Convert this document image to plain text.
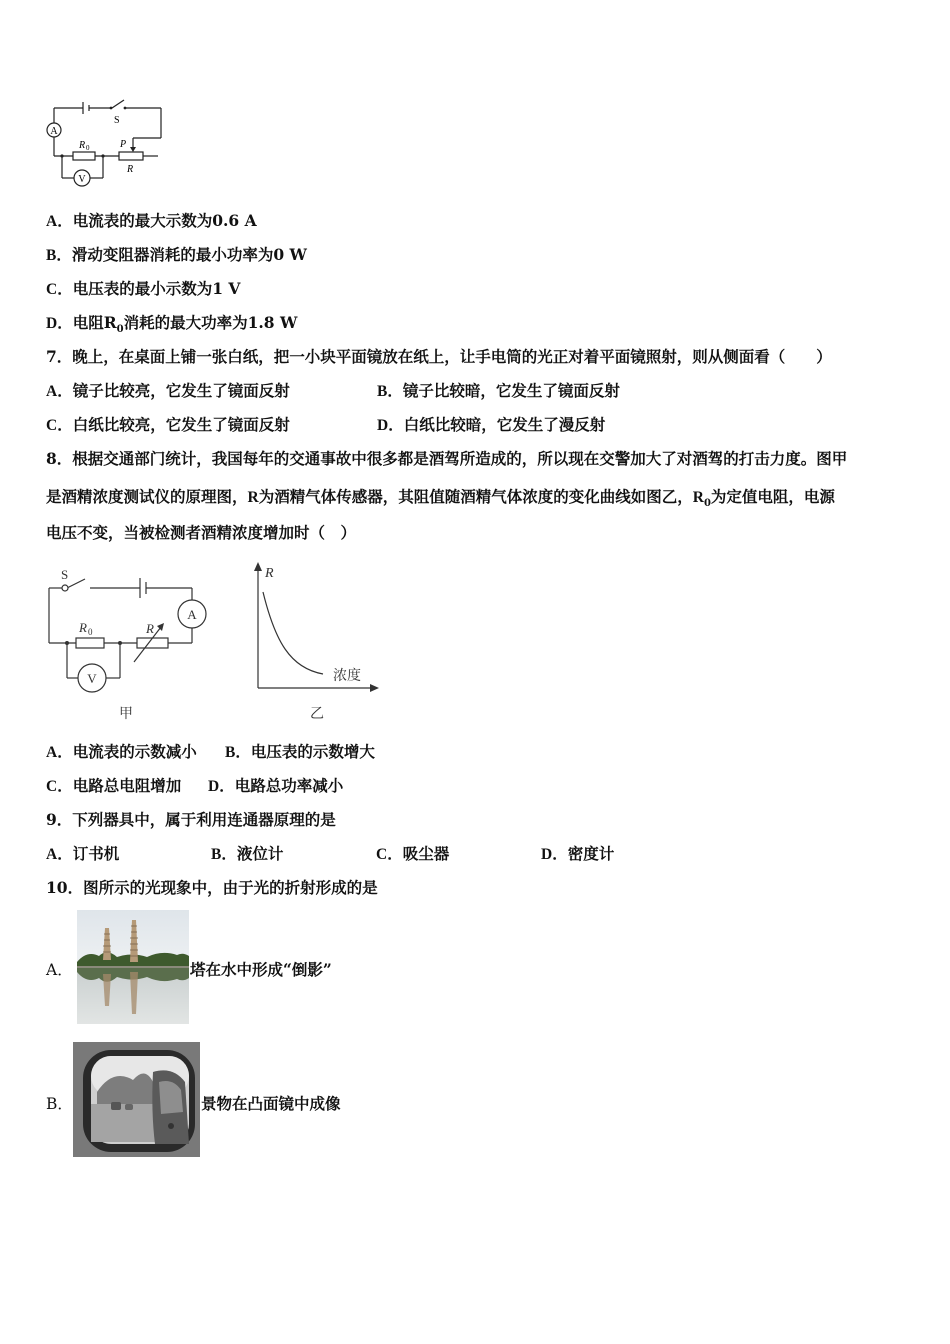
A
V
S
R 0	P
R
A．电流表的最大示数为0.6 A
B．滑动变阻器消耗的最小功率为0 W
C．电压表的最小示数为1 V
D．电阻$R_0$消耗的最大功率为1.8 W
7．晚上，在桌面上铺一张白纸，把一小块平面镜放在纸上，让手电筒的光正对着平面镜照射，则从侧面看（　　）
A．镜子比较亮，它发生了镜面反射	B．镜子比较暗，它发生了镜面反射
C．白纸比较亮，它发生了镜面反射	D．白纸比较暗，它发生了漫反射
8．根据交通部门统计，我国每年的交通事故中很多都是酒驾所造成的，所以现在交警加大了对酒驾的打击力度。图甲
是酒精浓度测试仪的原理图，R为酒精气体传感器，其阻值随酒精气体浓度的变化曲线如图乙，$R_0$为定值电阻，电源
电压不变，当被检测者酒精浓度增加时（　）
S
A
V
R 0	R
甲
R
浓度
乙
A．电流表的示数减小 B．电压表的示数增大
C．电路总电阻增加 D．电路总功率减小
9．下列器具中，属于利用连通器原理的是
A．订书机	B．液位计	C．吸尘器	D．密度计
10．图所示的光现象中，由于光的折射形成的是
A．	塔在水中形成“倒影”
B．	景物在凸面镜中成像
